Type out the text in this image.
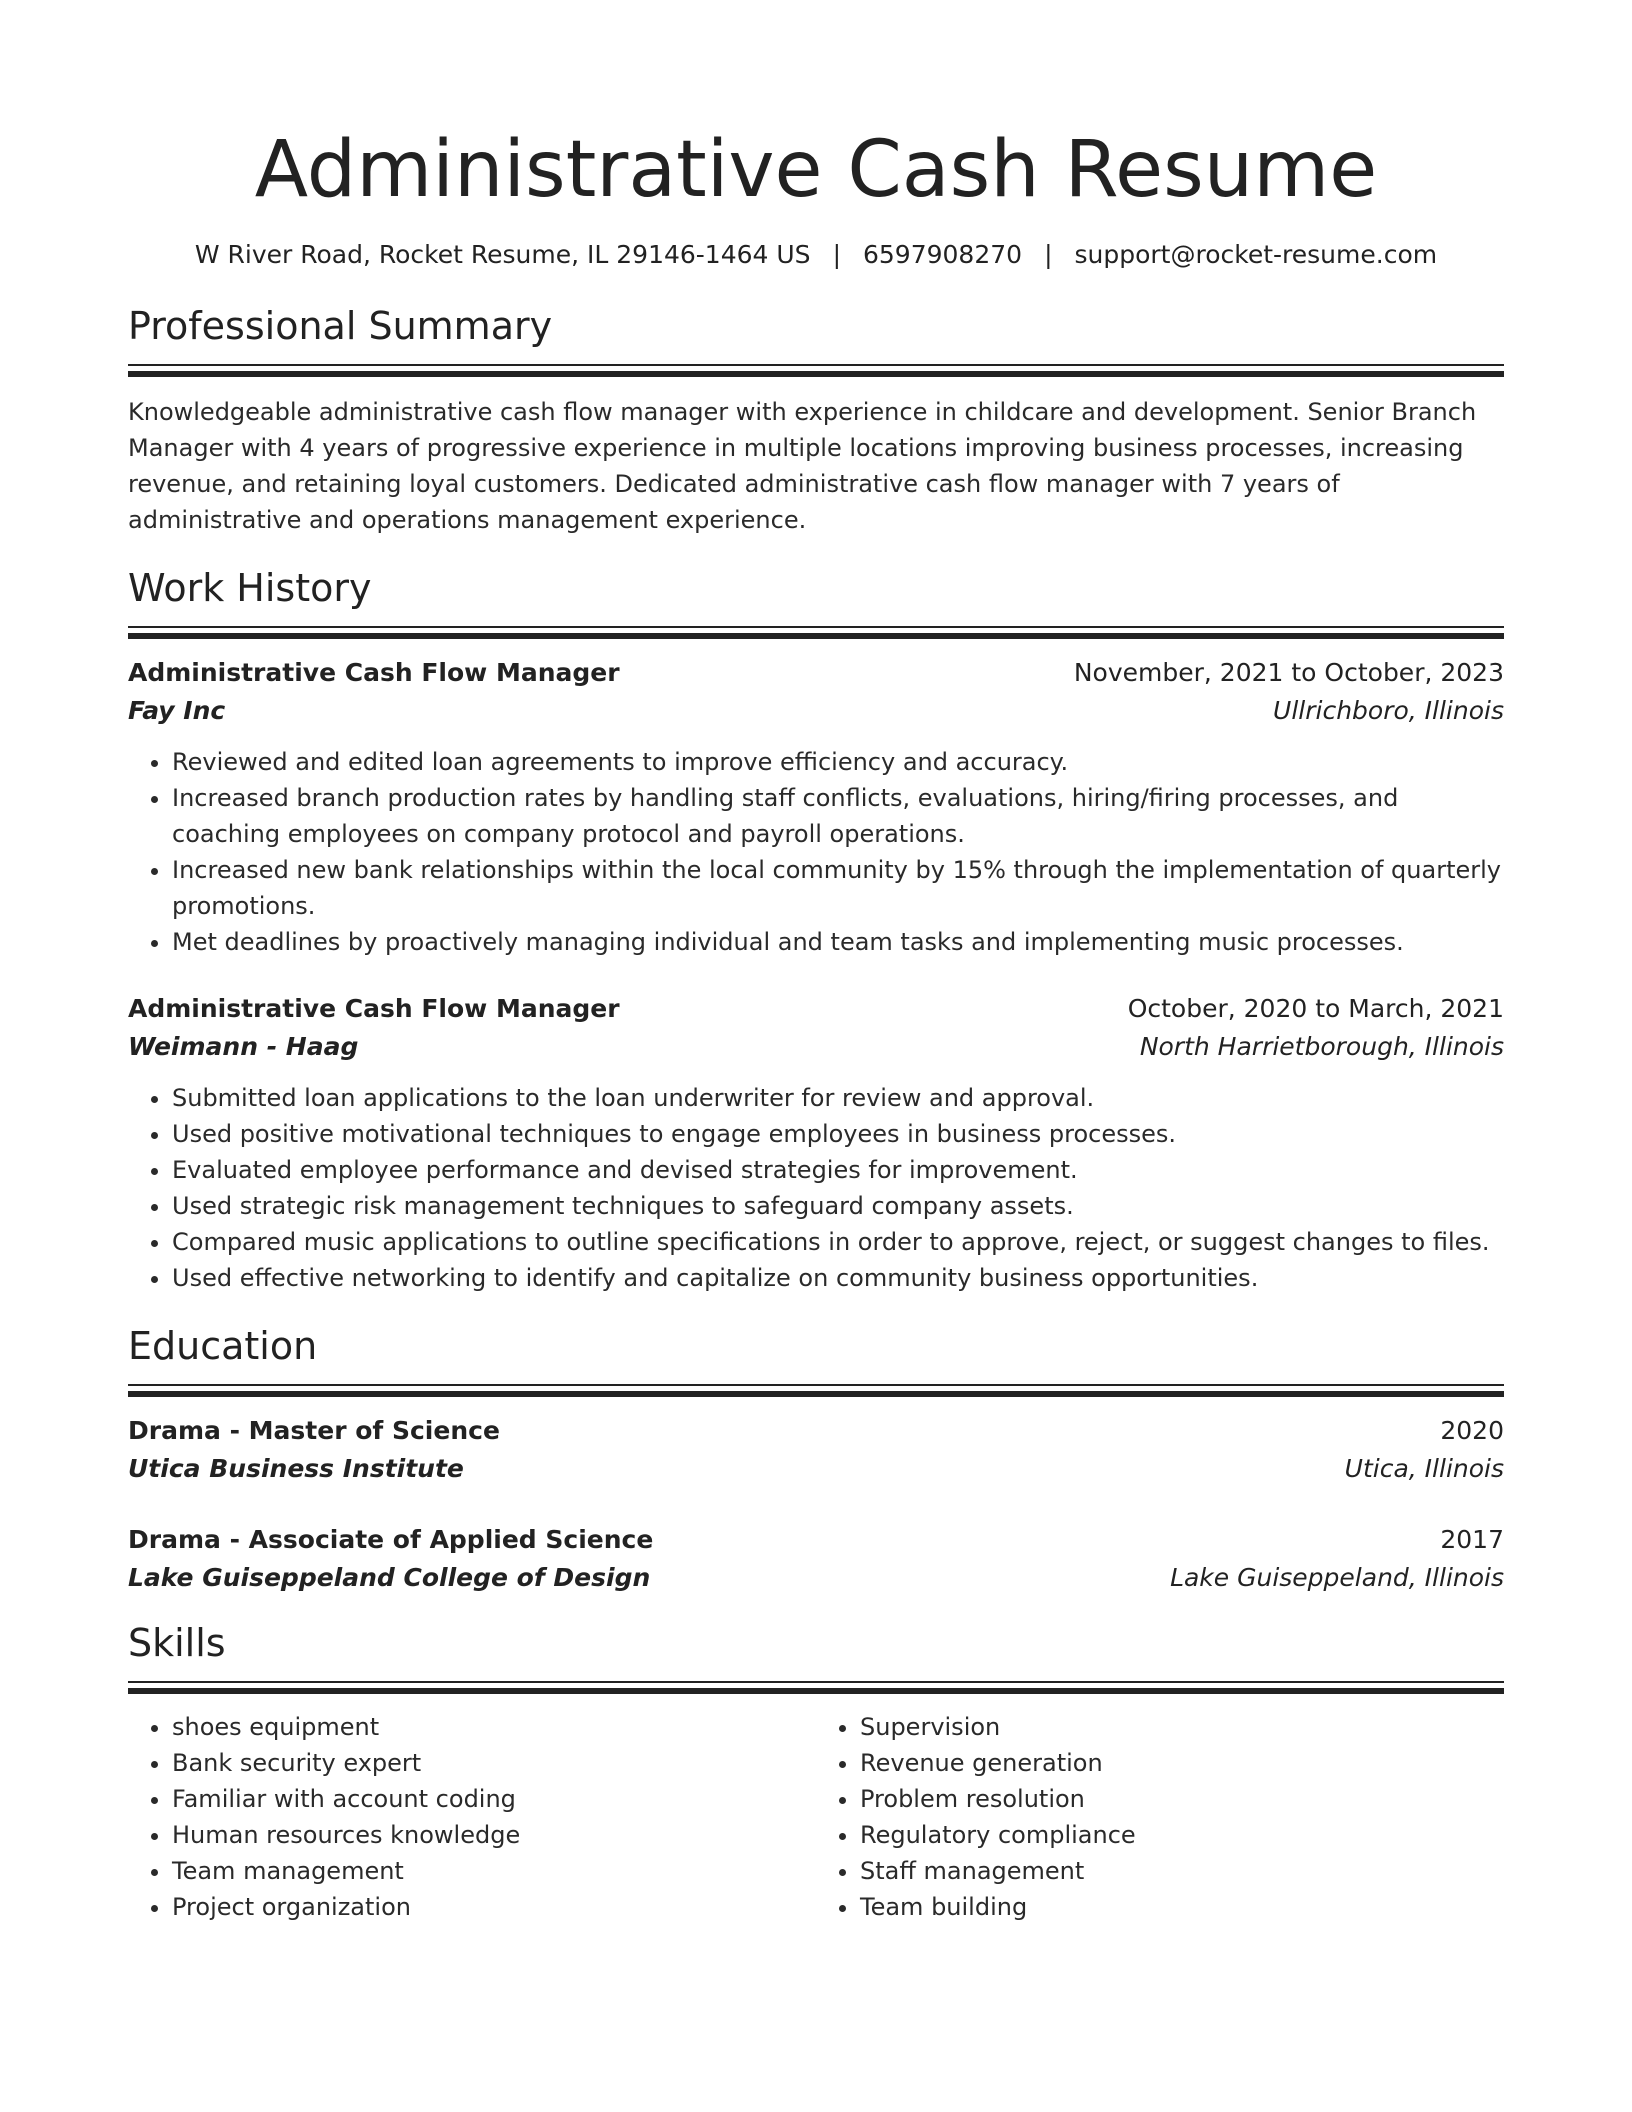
Administrative Cash Resume
W River Road, Rocket Resume, IL 29146-1464 US | 6597908270 | support@rocket-resume.com
Professional Summary
Knowledgeable administrative cash flow manager with experience in childcare and development. Senior Branch Manager with 4 years of progressive experience in multiple locations improving business processes, increasing revenue, and retaining loyal customers. Dedicated administrative cash flow manager with 7 years of administrative and operations management experience.
Work History
Administrative Cash Flow Manager	November, 2021 to October, 2023
Fay Inc	Ullrichboro, Illinois
• Reviewed and edited loan agreements to improve efficiency and accuracy.
• Increased branch production rates by handling staff conflicts, evaluations, hiring/firing processes, and coaching employees on company protocol and payroll operations.
• Increased new bank relationships within the local community by 15% through the implementation of quarterly promotions.
• Met deadlines by proactively managing individual and team tasks and implementing music processes.
Administrative Cash Flow Manager	October, 2020 to March, 2021
Weimann - Haag	North Harrietborough, Illinois
• Submitted loan applications to the loan underwriter for review and approval.
• Used positive motivational techniques to engage employees in business processes.
• Evaluated employee performance and devised strategies for improvement.
• Used strategic risk management techniques to safeguard company assets.
• Compared music applications to outline specifications in order to approve, reject, or suggest changes to files.
• Used effective networking to identify and capitalize on community business opportunities.
Education
Drama - Master of Science	2020
Utica Business Institute	Utica, Illinois
Drama - Associate of Applied Science	2017
Lake Guiseppeland College of Design	Lake Guiseppeland, Illinois
Skills
• shoes equipment
• Bank security expert
• Familiar with account coding
• Human resources knowledge
• Team management
• Project organization
• Supervision
• Revenue generation
• Problem resolution
• Regulatory compliance
• Staff management
• Team building
